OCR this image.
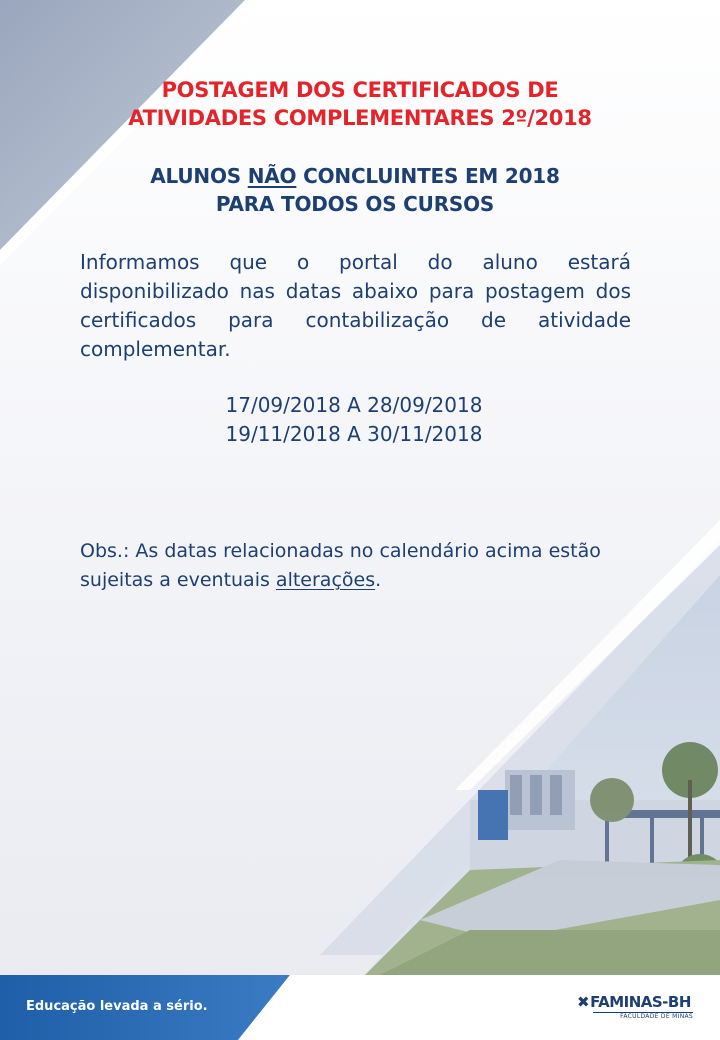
POSTAGEM DOS CERTIFICADOS DE
ATIVIDADES COMPLEMENTARES 2º/2018
ALUNOS NÃO CONCLUINTES EM 2018
PARA TODOS OS CURSOS
Informamos que o portal do aluno estará disponibilizado nas datas abaixo para postagem dos certificados para contabilização de atividade complementar.
17/09/2018 A 28/09/2018
19/11/2018 A 30/11/2018
Obs.: As datas relacionadas no calendário acima estão sujeitas a eventuais alterações.
Educação levada a sério.	✖FAMINAS-BH
FACULDADE DE MINAS
